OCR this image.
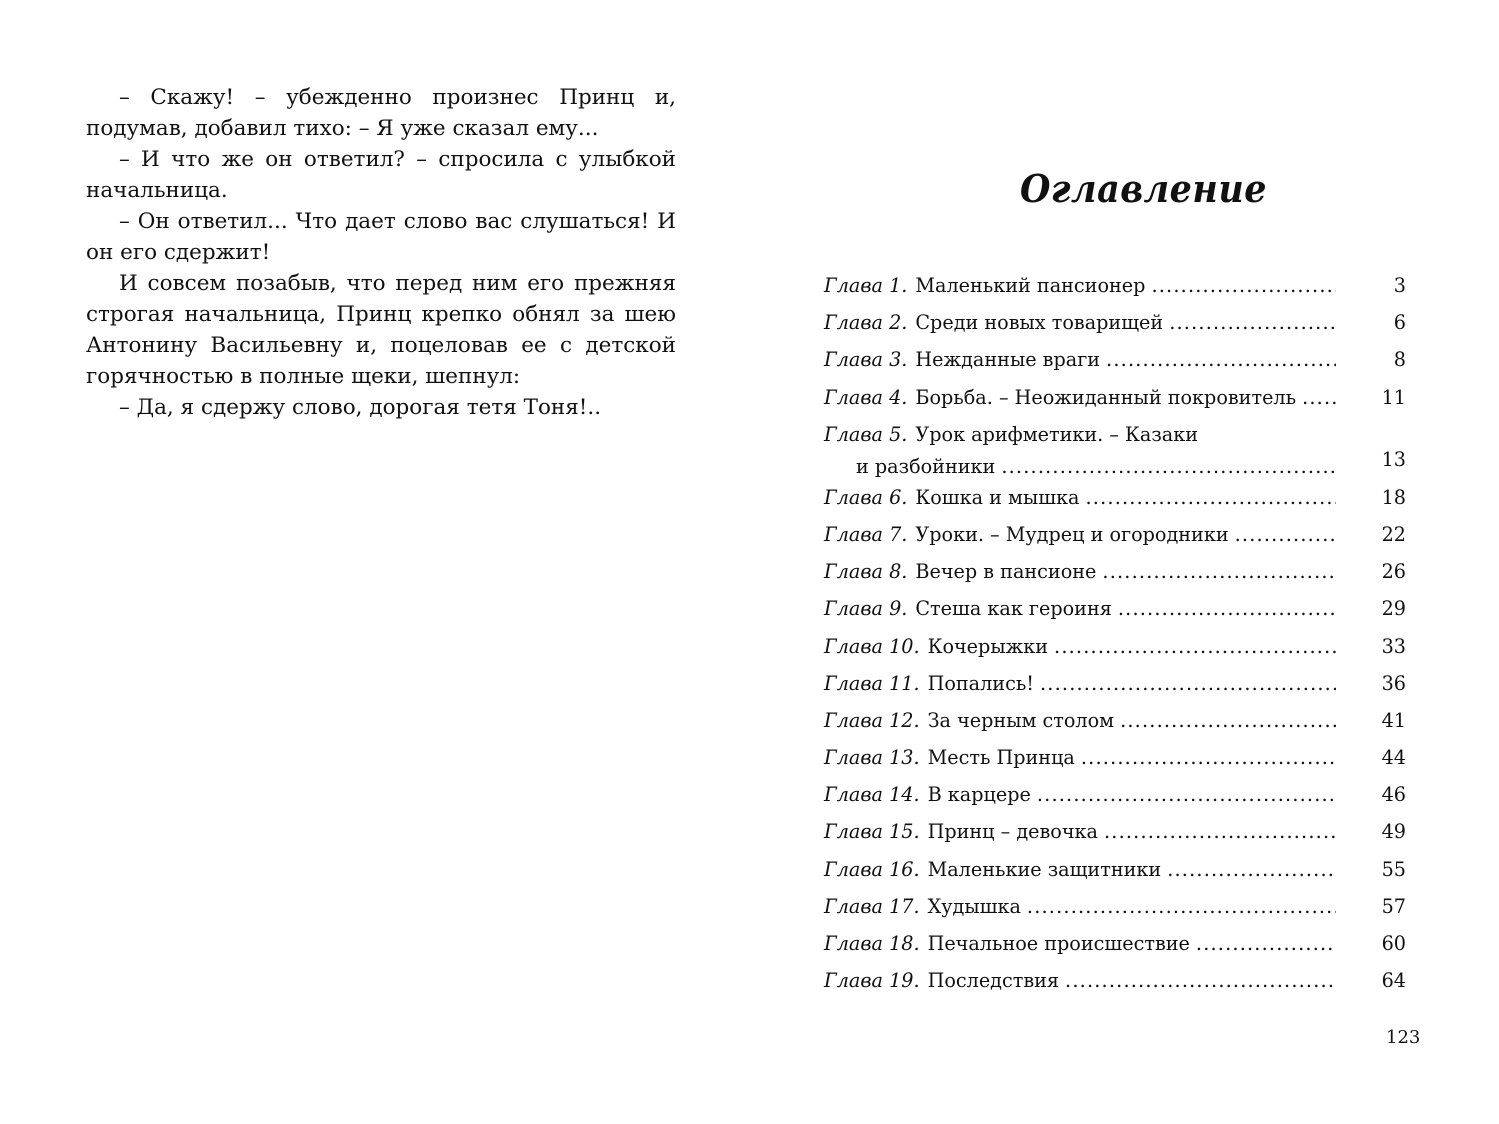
– Скажу! – убежденно произнес Принц и, подумав, добавил тихо: – Я уже сказал ему...

– И что же он ответил? – спросила с улыбкой начальница.

– Он ответил... Что дает слово вас слушаться! И он его сдержит!

И совсем позабыв, что перед ним его прежняя строгая начальница, Принц крепко обнял за шею Антонину Васильевну и, поцеловав ее с детской горячностью в полные щеки, шепнул:

– Да, я сдержу слово, дорогая тетя Тоня!..

Оглавление
Глава 1. Маленький пансионер .....	3
Глава 2. Среди новых товарищей .....	6
Глава 3. Нежданные враги .....	8
Глава 4. Борьба. – Неожиданный покровитель .....	11
Глава 5. Урок арифметики. – Казаки
и разбойники .....	13
Глава 6. Кошка и мышка .....	18
Глава 7. Уроки. – Мудрец и огородники .....	22
Глава 8. Вечер в пансионе .....	26
Глава 9. Стеша как героиня .....	29
Глава 10. Кочерыжки .....	33
Глава 11. Попались! .....	36
Глава 12. За черным столом .....	41
Глава 13. Месть Принца .....	44
Глава 14. В карцере .....	46
Глава 15. Принц – девочка .....	49
Глава 16. Маленькие защитники .....	55
Глава 17. Худышка .....	57
Глава 18. Печальное происшествие .....	60
Глава 19. Последствия .....	64

123
